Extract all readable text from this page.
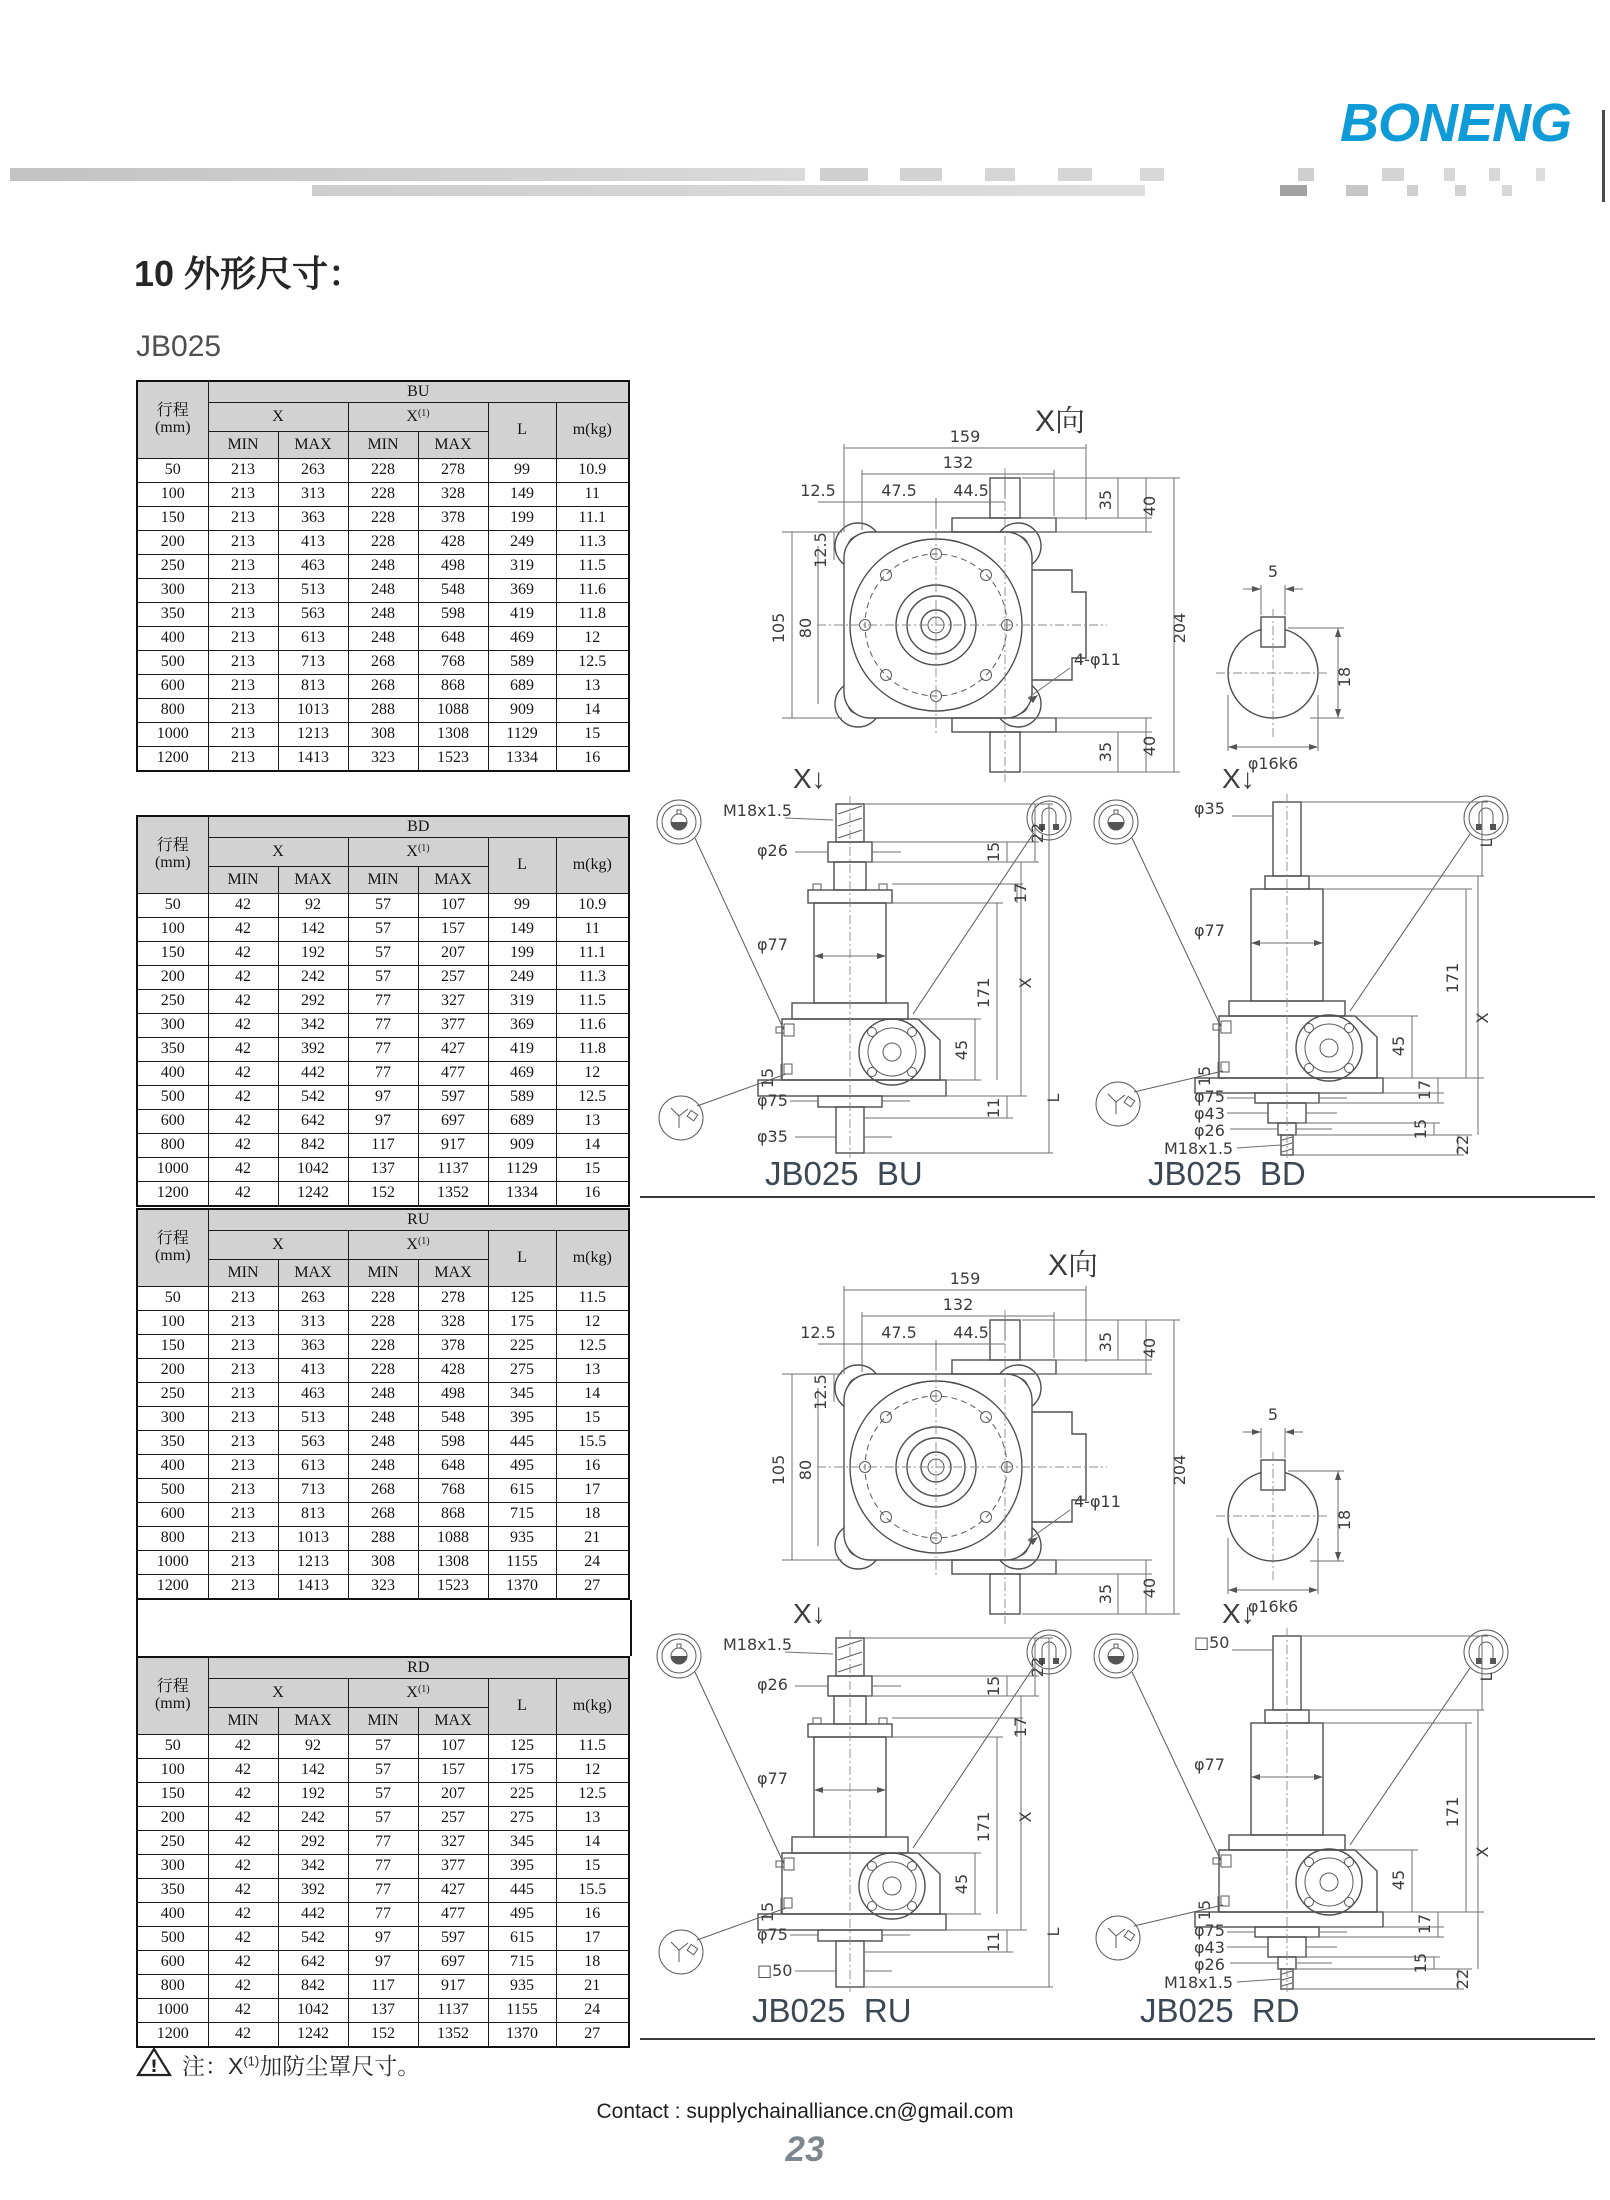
BONENG
10 外形尺寸：
JB025
行程
(mm)	BU					
	X		$X^{(1)}$		L	m(kg)
	MIN	MAX	MIN	MAX		
50	213	263	228	278	99	10.9
100	213	313	228	328	149	11
150	213	363	228	378	199	11.1
200	213	413	228	428	249	11.3
250	213	463	248	498	319	11.5
300	213	513	248	548	369	11.6
350	213	563	248	598	419	11.8
400	213	613	248	648	469	12
500	213	713	268	768	589	12.5
600	213	813	268	868	689	13
800	213	1013	288	1088	909	14
1000	213	1213	308	1308	1129	15
1200	213	1413	323	1523	1334	16
行程
(mm)	BD					
	X		$X^{(1)}$		L	m(kg)
	MIN	MAX	MIN	MAX		
50	42	92	57	107	99	10.9
100	42	142	57	157	149	11
150	42	192	57	207	199	11.1
200	42	242	57	257	249	11.3
250	42	292	77	327	319	11.5
300	42	342	77	377	369	11.6
350	42	392	77	427	419	11.8
400	42	442	77	477	469	12
500	42	542	97	597	589	12.5
600	42	642	97	697	689	13
800	42	842	117	917	909	14
1000	42	1042	137	1137	1129	15
1200	42	1242	152	1352	1334	16
行程
(mm)	RU					
	X		$X^{(1)}$		L	m(kg)
	MIN	MAX	MIN	MAX		
50	213	263	228	278	125	11.5
100	213	313	228	328	175	12
150	213	363	228	378	225	12.5
200	213	413	228	428	275	13
250	213	463	248	498	345	14
300	213	513	248	548	395	15
350	213	563	248	598	445	15.5
400	213	613	248	648	495	16
500	213	713	268	768	615	17
600	213	813	268	868	715	18
800	213	1013	288	1088	935	21
1000	213	1213	308	1308	1155	24
1200	213	1413	323	1523	1370	27
行程
(mm)	RD					
	X		$X^{(1)}$		L	m(kg)
	MIN	MAX	MIN	MAX		
50	42	92	57	107	125	11.5
100	42	142	57	157	175	12
150	42	192	57	207	225	12.5
200	42	242	57	257	275	13
250	42	292	77	327	345	14
300	42	342	77	377	395	15
350	42	392	77	427	445	15.5
400	42	442	77	477	495	16
500	42	542	97	597	615	17
600	42	642	97	697	715	18
800	42	842	117	917	935	21
1000	42	1042	137	1137	1155	24
1200	42	1242	152	1352	1370	27
X向
159
132
12.5	47.5 44.5
12.5
105 80	204
35 40
35 40
4-φ11
5
18
φ16k6
X↓	X↓
M18x1.5
φ26
φ77
15
φ75
φ35
22
15
17
171 X
45
11	L
φ35
φ77
15
φ75
φ43
φ26
M18x1.5
L
171
45
17
X
15
22
JB025  BU	JB025  BD
X向
159
132
12.5	47.5 44.5
12.5
105 80	204
35 40
35 40
4-φ11
5
18
φ16k6
X↓	X↓
M18x1.5
φ26
φ77
15
φ75
□50
22
15
17
171 X
45
11	L
□50
φ77
15
φ75
φ43
φ26
M18x1.5
L
171
45
17
X
15
22
JB025  RU	JB025  RD
! 注：$X^{(1)}$加防尘罩尺寸。
Contact : supplychainalliance.cn@gmail.com
23
